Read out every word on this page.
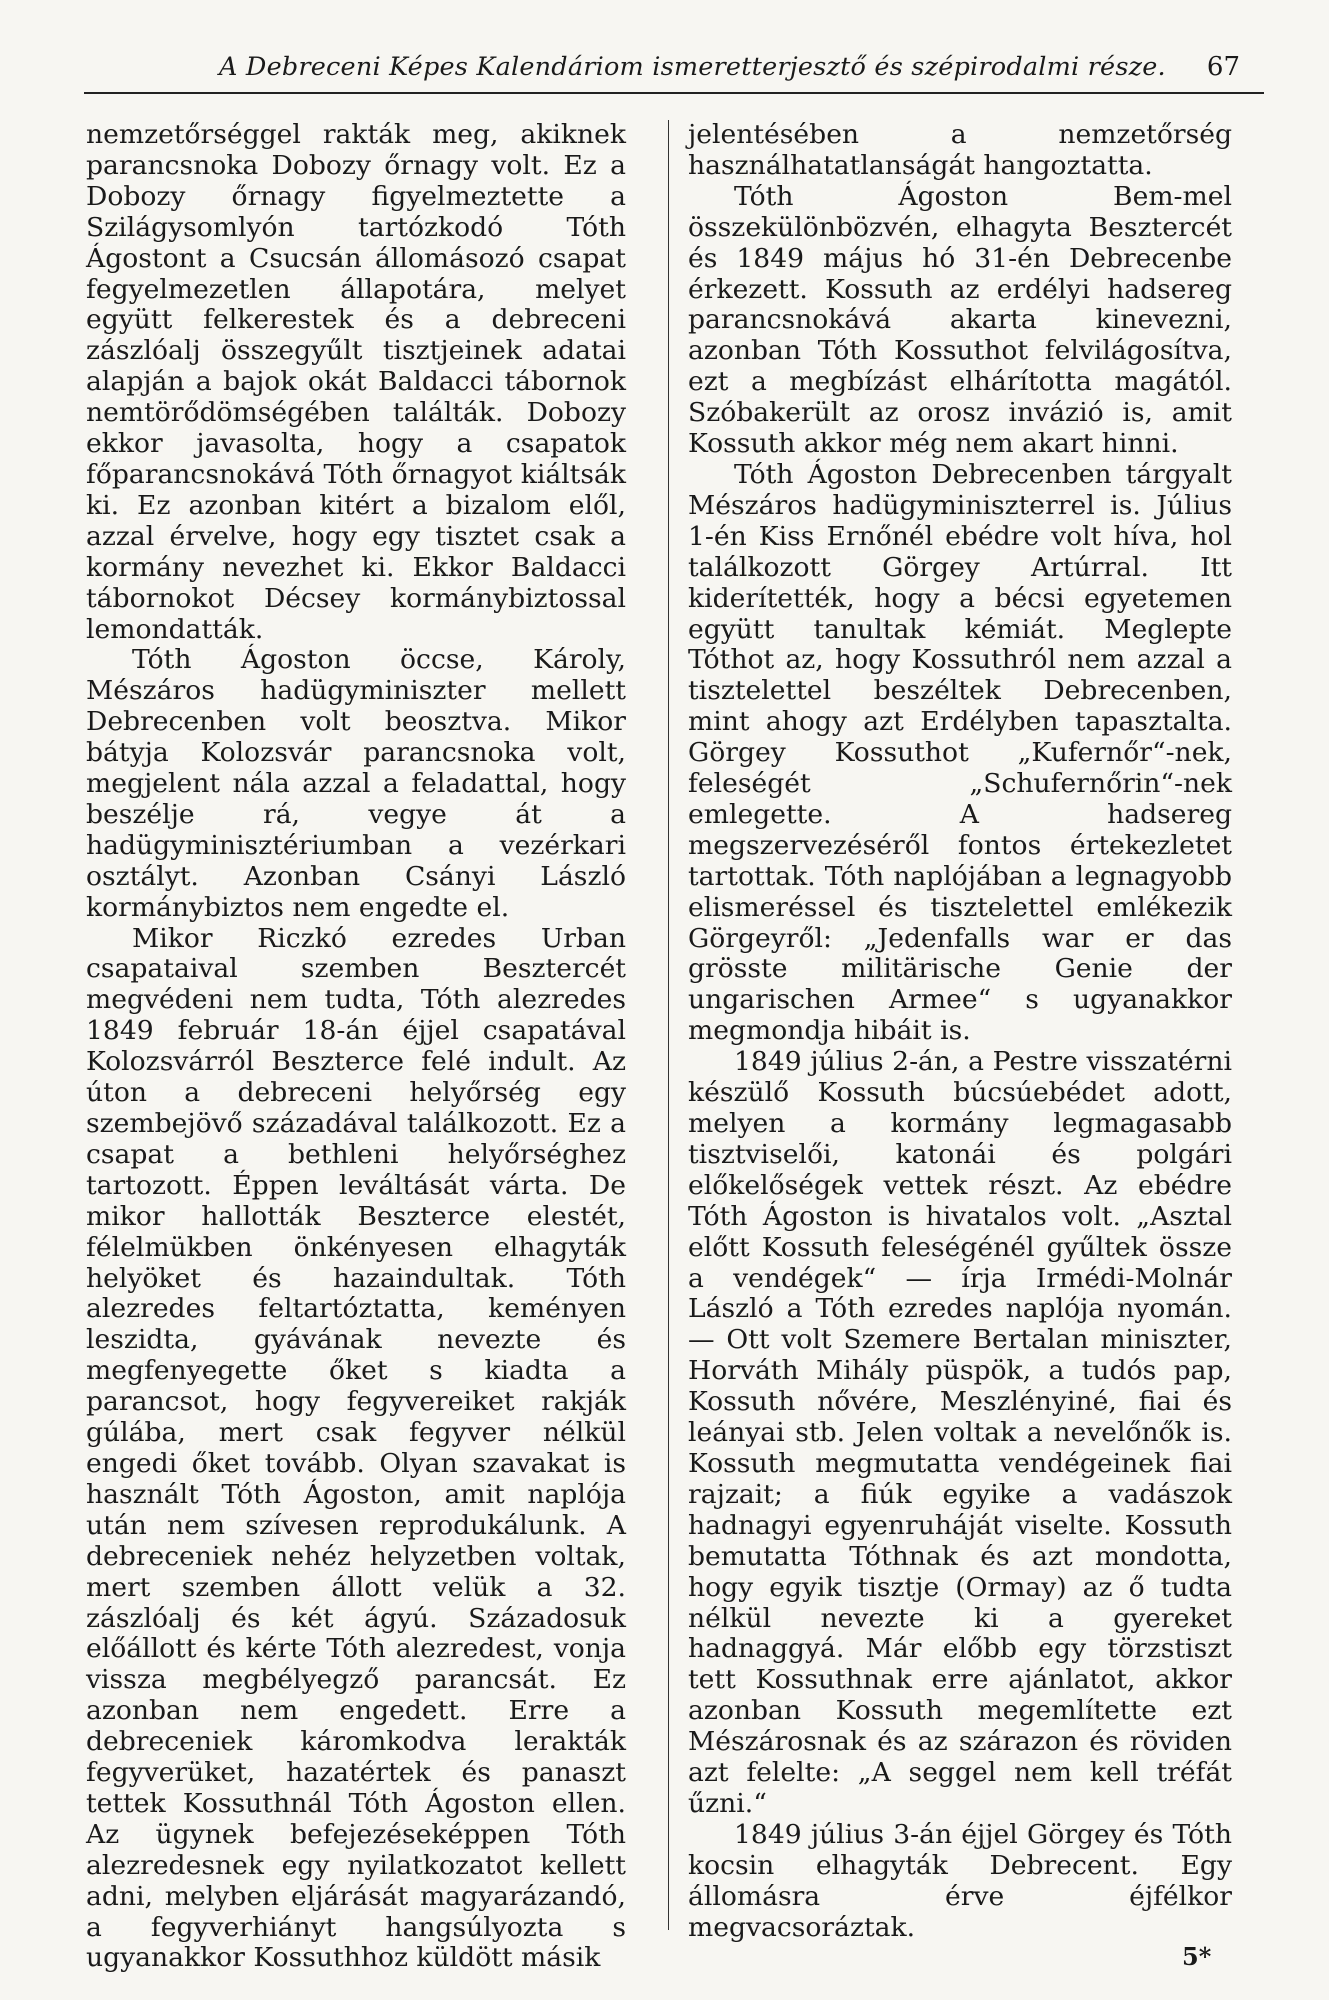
A Debreceni Képes Kalendáriom ismeretterjesztő és szépirodalmi része. 67

nemzetőrséggel rakták meg, akiknek parancsnoka Dobozy őrnagy volt. Ez a Dobozy őrnagy figyelmeztette a Szilágysomlyón tartózkodó Tóth Ágostont a Csucsán állomásozó csapat fegyelmezetlen állapotára, melyet együtt felkerestek és a debreceni zászlóalj összegyűlt tisztjeinek adatai alapján a bajok okát Baldacci tábornok nemtörődömségében találták. Dobozy ekkor javasolta, hogy a csapatok főparancsnokává Tóth őrnagyot kiáltsák ki. Ez azonban kitért a bizalom elől, azzal érvelve, hogy egy tisztet csak a kormány nevezhet ki. Ekkor Baldacci tábornokot Décsey kormánybiztossal lemondatták.

Tóth Ágoston öccse, Károly, Mészáros hadügyminiszter mellett Debrecenben volt beosztva. Mikor bátyja Kolozsvár parancsnoka volt, megjelent nála azzal a feladattal, hogy beszélje rá, vegye át a hadügyminisztériumban a vezérkari osztályt. Azonban Csányi László kormánybiztos nem engedte el.

Mikor Riczkó ezredes Urban csapataival szemben Besztercét megvédeni nem tudta, Tóth alezredes 1849 február 18-án éjjel csapatával Kolozsvárról Beszterce felé indult. Az úton a debreceni helyőrség egy szembejövő századával találkozott. Ez a csapat a bethleni helyőrséghez tartozott. Éppen leváltását várta. De mikor hallották Beszterce elestét, félelmükben önkényesen elhagyták helyöket és hazaindultak. Tóth alezredes feltartóztatta, keményen leszidta, gyávának nevezte és megfenyegette őket s kiadta a parancsot, hogy fegyvereiket rakják gúlába, mert csak fegyver nélkül engedi őket tovább. Olyan szavakat is használt Tóth Ágoston, amit naplója után nem szívesen reprodukálunk. A debreceniek nehéz helyzetben voltak, mert szemben állott velük a 32. zászlóalj és két ágyú. Századosuk előállott és kérte Tóth alezredest, vonja vissza megbélyegző parancsát. Ez azonban nem engedett. Erre a debreceniek káromkodva lerakták fegyverüket, hazatértek és panaszt tettek Kossuthnál Tóth Ágoston ellen. Az ügynek befejezéseképpen Tóth alezredesnek egy nyilatkozatot kellett adni, melyben eljárását magyarázandó, a fegyverhiányt hangsúlyozta s ugyanakkor Kossuthhoz küldött másik

jelentésében a nemzetőrség használhatatlanságát hangoztatta.

Tóth Ágoston Bem-mel összekülönbözvén, elhagyta Besztercét és 1849 május hó 31-én Debrecenbe érkezett. Kossuth az erdélyi hadsereg parancsnokává akarta kinevezni, azonban Tóth Kossuthot felvilágosítva, ezt a megbízást elhárította magától. Szóbakerült az orosz invázió is, amit Kossuth akkor még nem akart hinni.

Tóth Ágoston Debrecenben tárgyalt Mészáros hadügyminiszterrel is. Július 1-én Kiss Ernőnél ebédre volt híva, hol találkozott Görgey Artúrral. Itt kiderítették, hogy a bécsi egyetemen együtt tanultak kémiát. Meglepte Tóthot az, hogy Kossuthról nem azzal a tisztelettel beszéltek Debrecenben, mint ahogy azt Erdélyben tapasztalta. Görgey Kossuthot „Kufernőr“-nek, feleségét „Schufernőrin“-nek emlegette. A hadsereg megszervezéséről fontos értekezletet tartottak. Tóth naplójában a legnagyobb elismeréssel és tisztelettel emlékezik Görgeyről: „Jedenfalls war er das grösste militärische Genie der ungarischen Armee“ s ugyanakkor megmondja hibáit is.

1849 július 2-án, a Pestre visszatérni készülő Kossuth búcsúebédet adott, melyen a kormány legmagasabb tisztviselői, katonái és polgári előkelőségek vettek részt. Az ebédre Tóth Ágoston is hivatalos volt. „Asztal előtt Kossuth feleségénél gyűltek össze a vendégek“ — írja Irmédi-Molnár László a Tóth ezredes naplója nyomán. — Ott volt Szemere Bertalan miniszter, Horváth Mihály püspök, a tudós pap, Kossuth nővére, Meszlényiné, fiai és leányai stb. Jelen voltak a nevelőnők is. Kossuth megmutatta vendégeinek fiai rajzait; a fiúk egyike a vadászok hadnagyi egyenruháját viselte. Kossuth bemutatta Tóthnak és azt mondotta, hogy egyik tisztje (Ormay) az ő tudta nélkül nevezte ki a gyereket hadnaggyá. Már előbb egy törzstiszt tett Kossuthnak erre ajánlatot, akkor azonban Kossuth megemlítette ezt Mészárosnak és az szárazon és röviden azt felelte: „A seggel nem kell tréfát űzni.“

1849 július 3-án éjjel Görgey és Tóth kocsin elhagyták Debrecent. Egy állomásra érve éjfélkor megvacsoráztak.

5*
